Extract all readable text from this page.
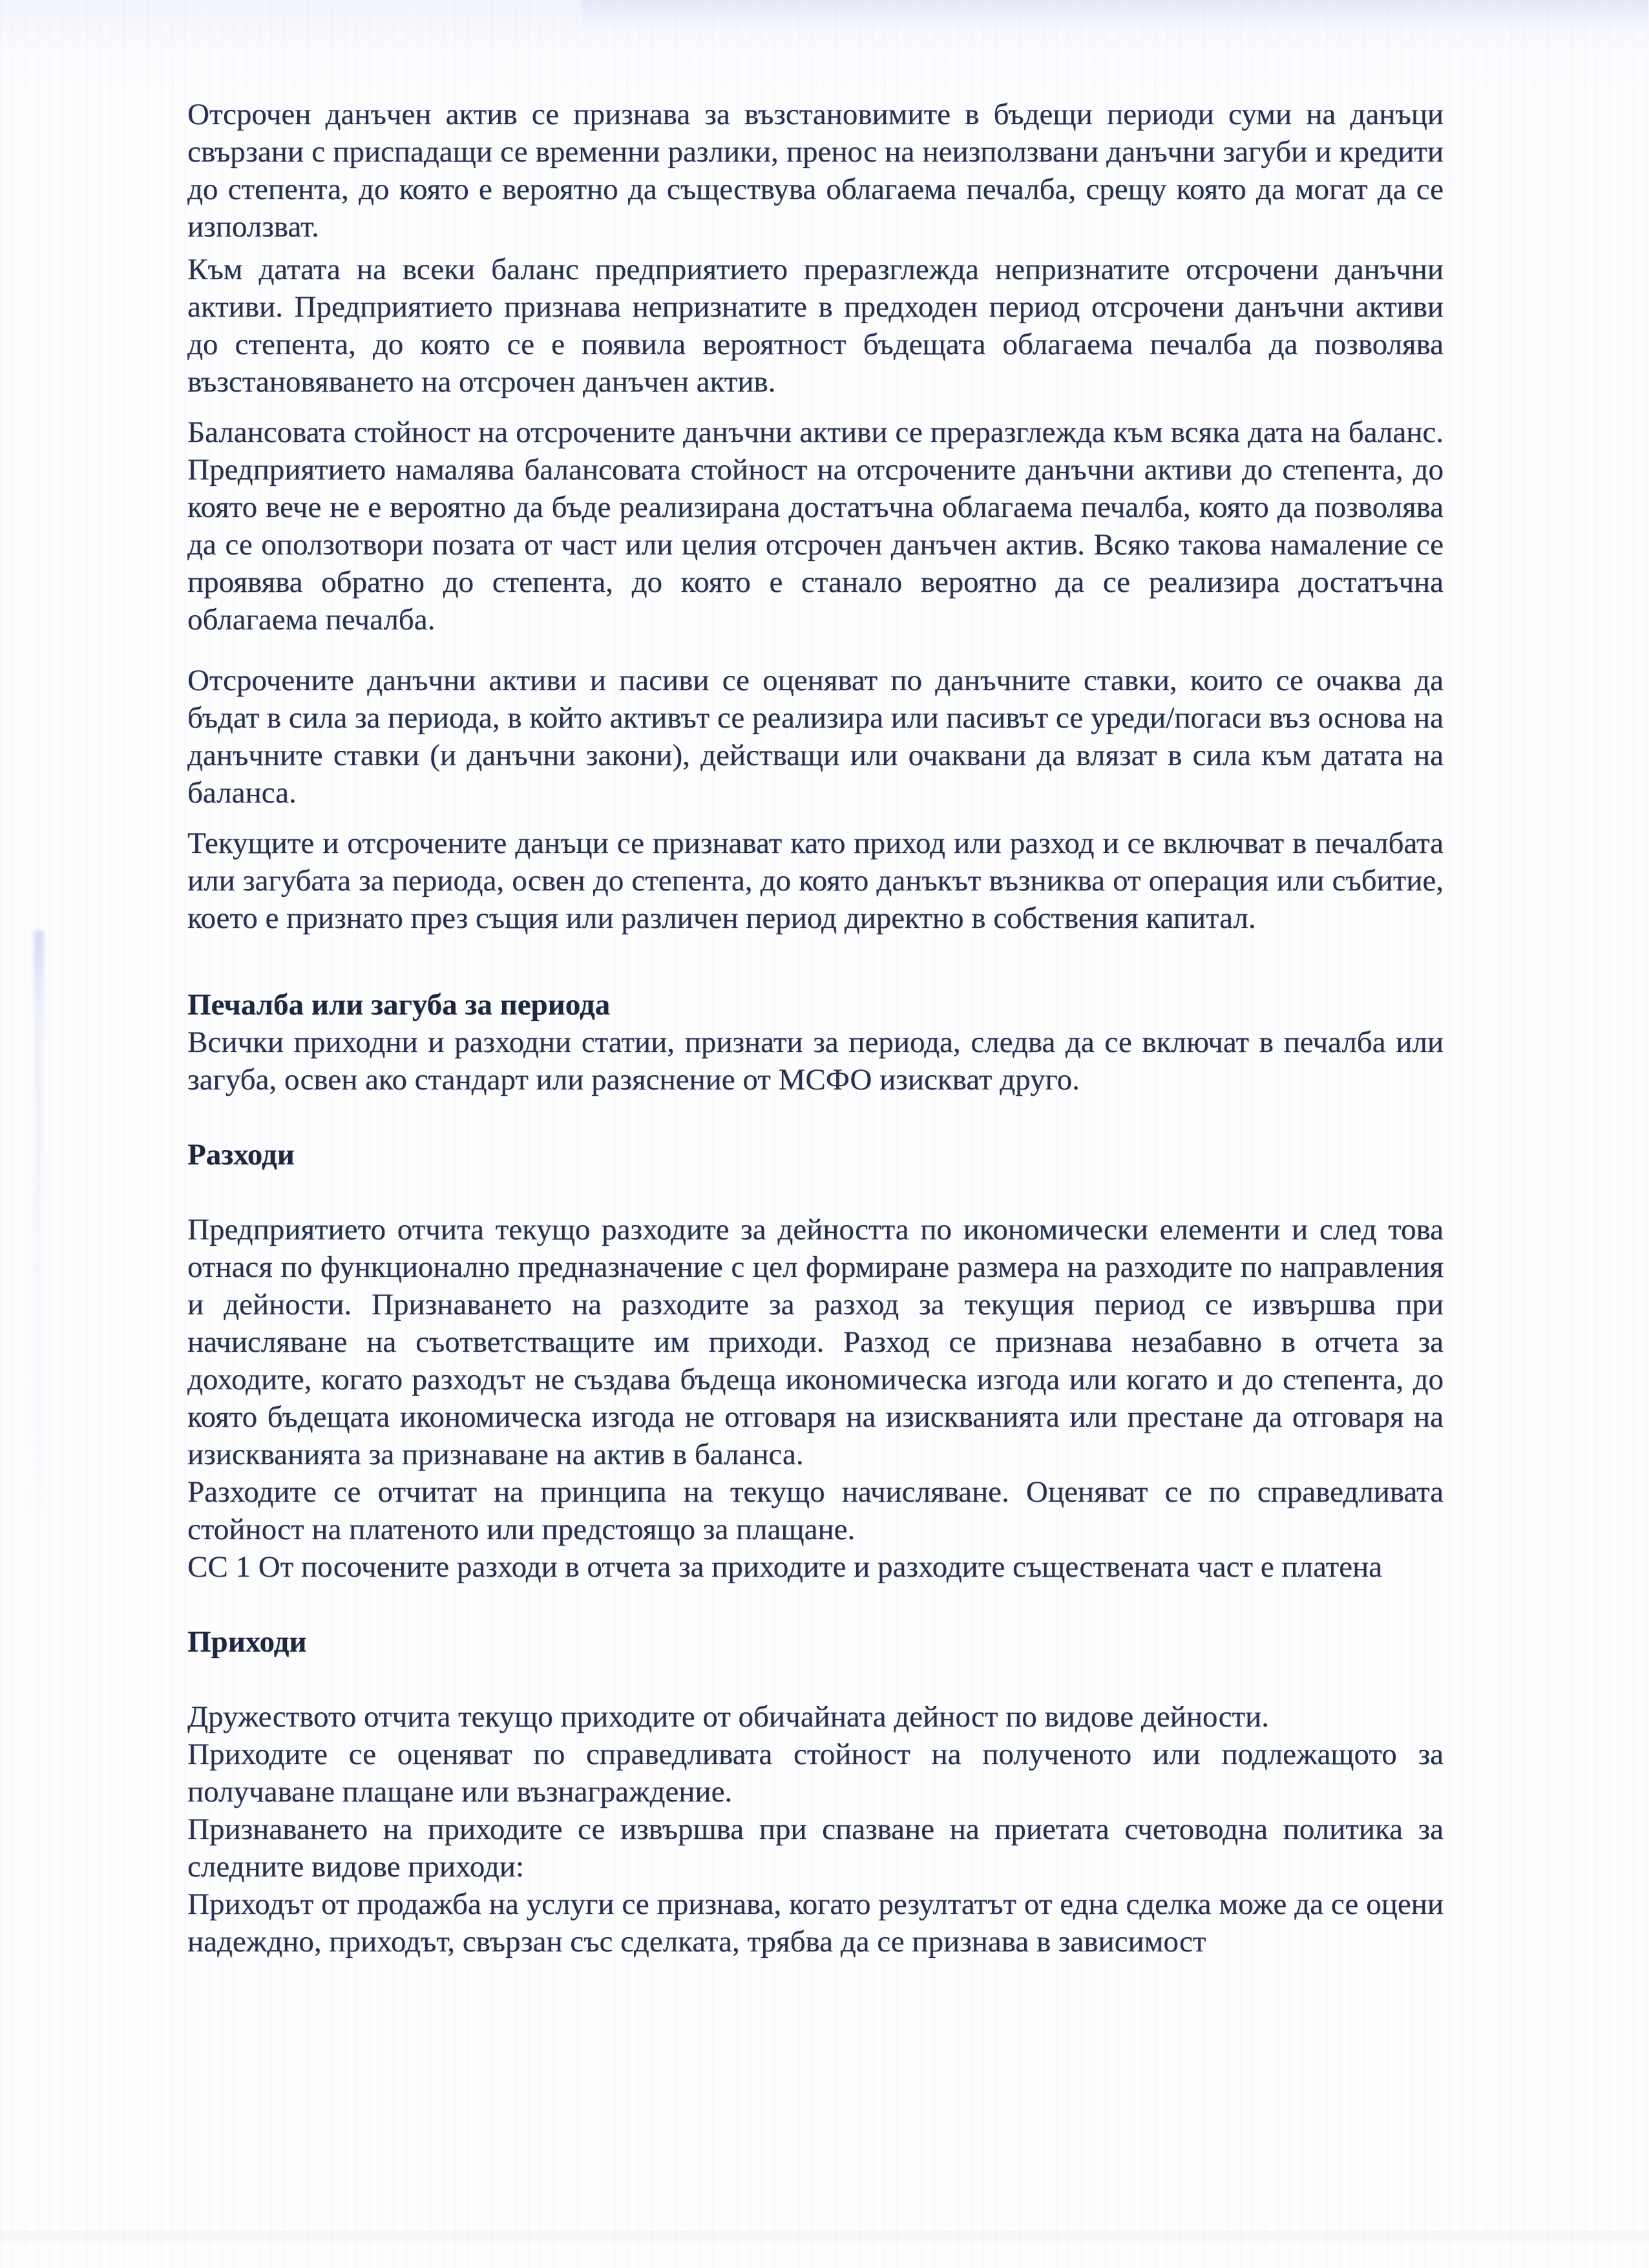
Отсрочен данъчен актив се признава за възстановимите в бъдещи периоди суми на данъци свързани с приспадащи се временни разлики, пренос на неизползвани данъчни загуби и кредити до степента, до която е вероятно да съществува облагаема печалба, срещу която да могат да се използват.

Към датата на всеки баланс предприятието преразглежда непризнатите отсрочени данъчни активи. Предприятието признава непризнатите в предходен период отсрочени данъчни активи до степента, до която се е появила вероятност бъдещата облагаема печалба да позволява възстановяването на отсрочен данъчен актив.

Балансовата стойност на отсрочените данъчни активи се преразглежда към всяка дата на баланс. Предприятието намалява балансовата стойност на отсрочените данъчни активи до степента, до която вече не е вероятно да бъде реализирана достатъчна облагаема печалба, която да позволява да се оползотвори позата от част или целия отсрочен данъчен актив. Всяко такова намаление се проявява обратно до степента, до която е станало вероятно да се реализира достатъчна облагаема печалба.

Отсрочените данъчни активи и пасиви се оценяват по данъчните ставки, които се очаква да бъдат в сила за периода, в който активът се реализира или пасивът се уреди/погаси въз основа на данъчните ставки (и данъчни закони), действащи или очаквани да влязат в сила към датата на баланса.

Текущите и отсрочените данъци се признават като приход или разход и се включват в печалбата или загубата за периода, освен до степента, до която данъкът възниква от операция или събитие, което е признато през същия или различен период директно в собствения капитал.

Печалба или загуба за периода

Всички приходни и разходни статии, признати за периода, следва да се включат в печалба или загуба, освен ако стандарт или разяснение от МСФО изискват друго.

Разходи

Предприятието отчита текущо разходите за дейността по икономически елементи и след това отнася по функционално предназначение с цел формиране размера на разходите по направления и дейности. Признаването на разходите за разход за текущия период се извършва при начисляване на съответстващите им приходи. Разход се признава незабавно в отчета за доходите, когато разходът не създава бъдеща икономическа изгода или когато и до степента, до която бъдещата икономическа изгода не отговаря на изискванията или престане да отговаря на изискванията за признаване на актив в баланса.

Разходите се отчитат на принципа на текущо начисляване. Оценяват се по справедливата стойност на платеното или предстоящо за плащане.

СС 1 От посочените разходи в отчета за приходите и разходите съществената част е платена

Приходи

Дружеството отчита текущо приходите от обичайната дейност по видове дейности.

Приходите се оценяват по справедливата стойност на полученото или подлежащото за получаване плащане или възнаграждение.

Признаването на приходите се извършва при спазване на приетата счетоводна политика за следните видове приходи:

Приходът от продажба на услуги се признава, когато резултатът от една сделка може да се оцени надеждно, приходът, свързан със сделката, трябва да се признава в зависимост
